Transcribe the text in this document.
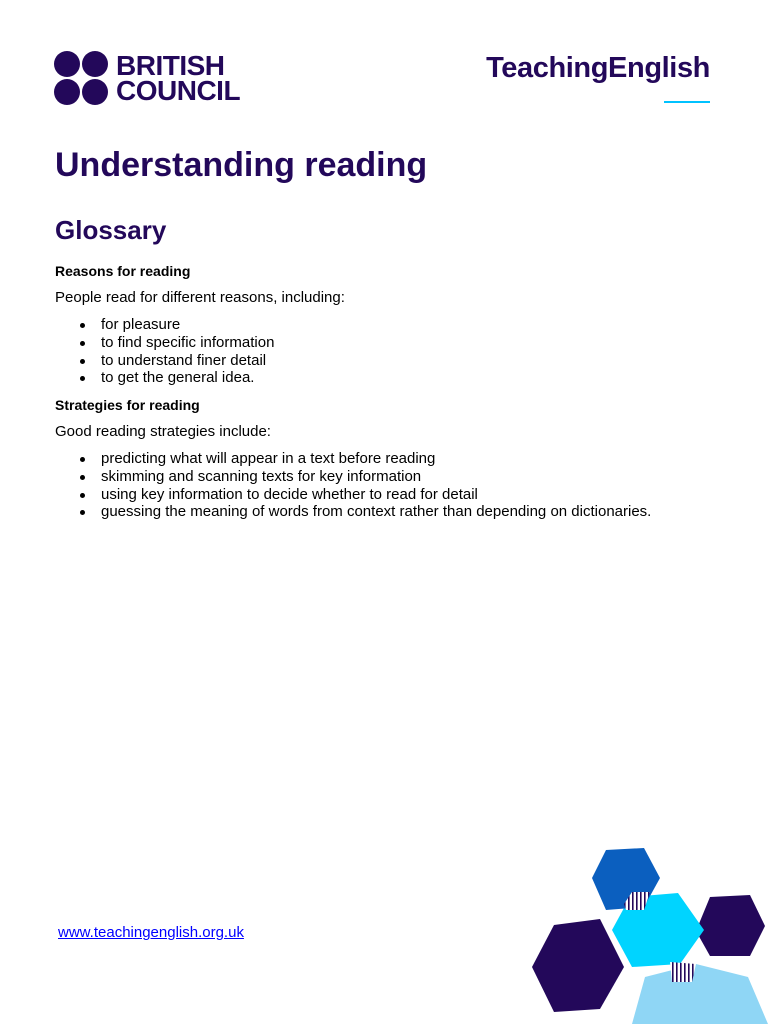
BRITISH
COUNCIL
TeachingEnglish
Understanding reading
Glossary
Reasons for reading

People read for different reasons, including:

for pleasure
to find specific information
to understand finer detail
to get the general idea.
Strategies for reading

Good reading strategies include:

predicting what will appear in a text before reading
skimming and scanning texts for key information
using key information to decide whether to read for detail
guessing the meaning of words from context rather than depending on dictionaries.
www.teachingenglish.org.uk
